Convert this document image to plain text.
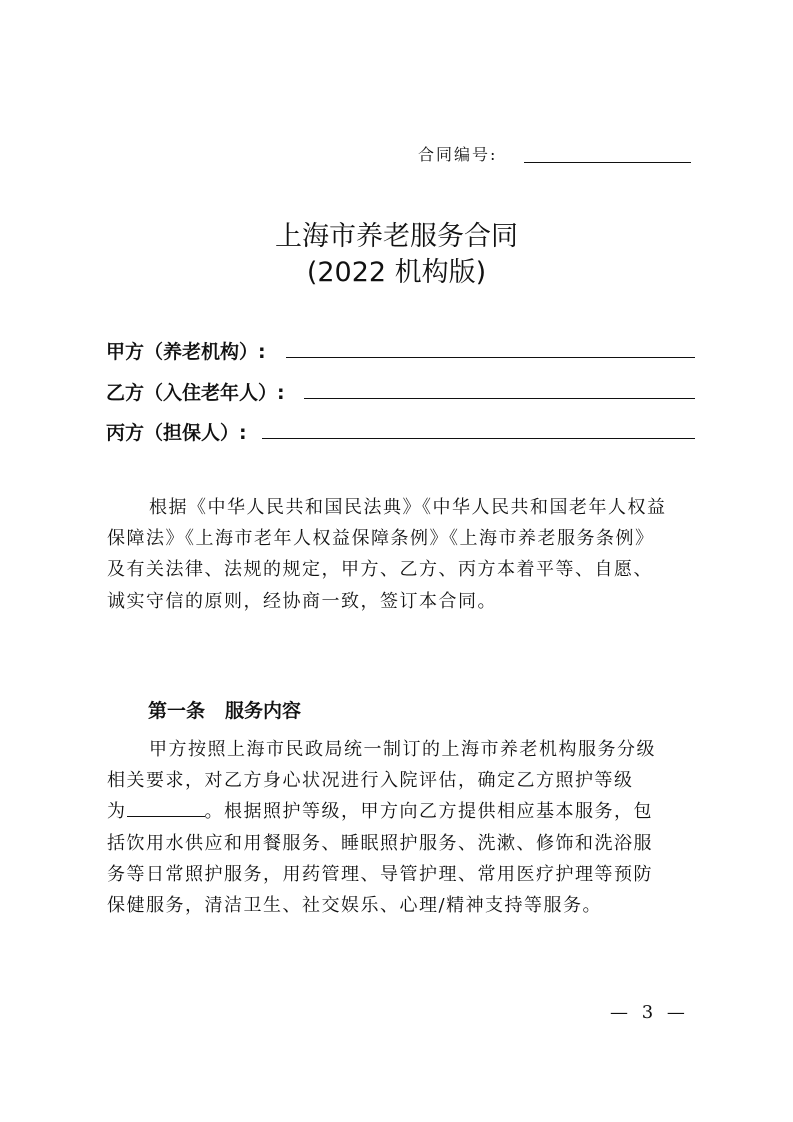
合同编号:
上海市养老服务合同
(2022 机构版)
甲方（养老机构）:
乙方（入住老年人）:
丙方（担保人）:
根据《中华人民共和国民法典》《中华人民共和国老年人权益
保障法》《上海市老年人权益保障条例》《上海市养老服务条例》
及有关法律、法规的规定，甲方、乙方、丙方本着平等、自愿、
诚实守信的原则，经协商一致，签订本合同。
第一条 服务内容
甲方按照上海市民政局统一制订的上海市养老机构服务分级
相关要求，对乙方身心状况进行入院评估，确定乙方照护等级
为	。根据照护等级，甲方向乙方提供相应基本服务，包
括饮用水供应和用餐服务、睡眠照护服务、洗漱、修饰和洗浴服
务等日常照护服务，用药管理、导管护理、常用医疗护理等预防
保健服务，清洁卫生、社交娱乐、心理/精神支持等服务。
— 3 —
